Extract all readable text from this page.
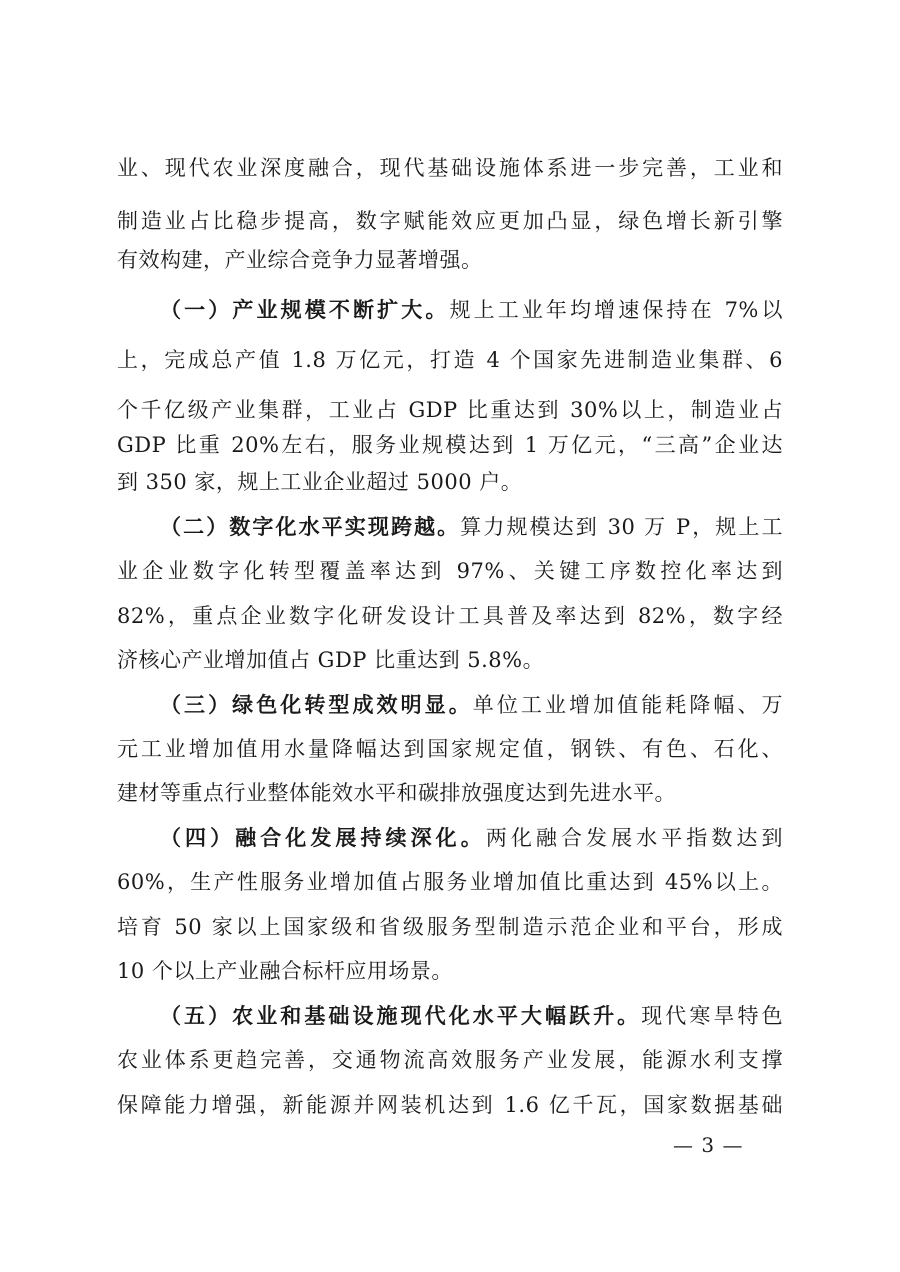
业、现代农业深度融合，现代基础设施体系进一步完善，工业和
制造业占比稳步提高，数字赋能效应更加凸显，绿色增长新引擎
有效构建，产业综合竞争力显著增强。
（一）产业规模不断扩大。规上工业年均增速保持在 7%以
上，完成总产值 1.8 万亿元，打造 4 个国家先进制造业集群、6
个千亿级产业集群，工业占 GDP 比重达到 30%以上，制造业占
GDP 比重 20%左右，服务业规模达到 1 万亿元，“三高”企业达
到 350 家，规上工业企业超过 5000 户。
（二）数字化水平实现跨越。算力规模达到 30 万 P，规上工
业企业数字化转型覆盖率达到 97%、关键工序数控化率达到
82%，重点企业数字化研发设计工具普及率达到 82%，数字经
济核心产业增加值占 GDP 比重达到 5.8%。
（三）绿色化转型成效明显。单位工业增加值能耗降幅、万
元工业增加值用水量降幅达到国家规定值，钢铁、有色、石化、
建材等重点行业整体能效水平和碳排放强度达到先进水平。
（四）融合化发展持续深化。两化融合发展水平指数达到
60%，生产性服务业增加值占服务业增加值比重达到 45%以上。
培育 50 家以上国家级和省级服务型制造示范企业和平台，形成
10 个以上产业融合标杆应用场景。
（五）农业和基础设施现代化水平大幅跃升。现代寒旱特色
农业体系更趋完善，交通物流高效服务产业发展，能源水利支撑
保障能力增强，新能源并网装机达到 1.6 亿千瓦，国家数据基础
— 3 —
